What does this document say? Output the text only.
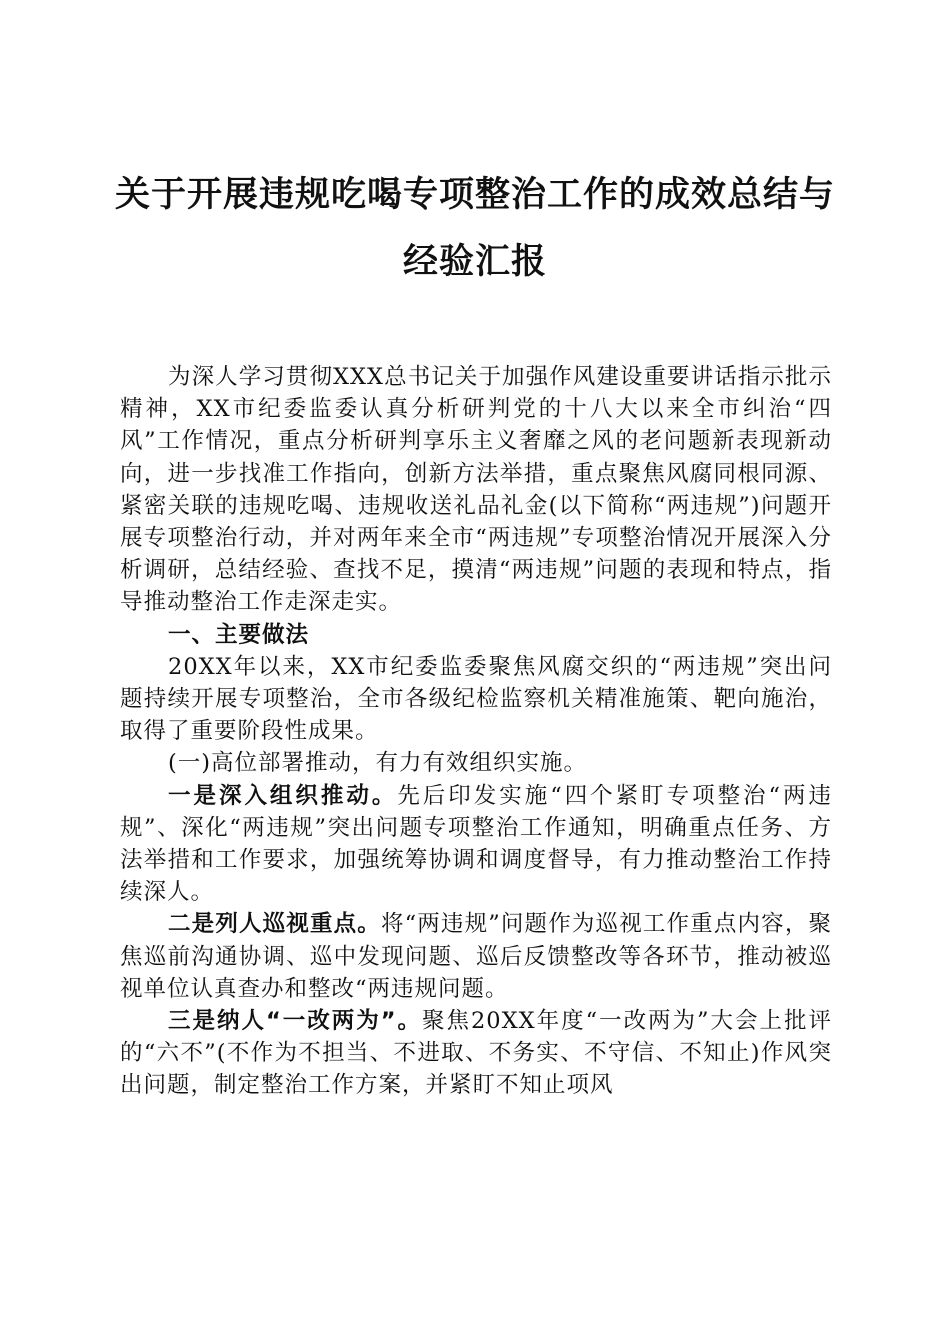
关于开展违规吃喝专项整治工作的成效总结与
经验汇报

为深人学习贯彻XXX总书记关于加强作风建设重要讲话指示批示精神，XX市纪委监委认真分析研判党的十八大以来全市纠治“四风”工作情况，重点分析研判享乐主义奢靡之风的老问题新表现新动向，进一步找准工作指向，创新方法举措，重点聚焦风腐同根同源、紧密关联的违规吃喝、违规收送礼品礼金(以下简称“两违规”)问题开展专项整治行动，并对两年来全市“两违规”专项整治情况开展深入分析调研，总结经验、查找不足，摸清“两违规”问题的表现和特点，指导推动整治工作走深走实。

一、主要做法

20XX年以来，XX市纪委监委聚焦风腐交织的“两违规”突出问题持续开展专项整治，全市各级纪检监察机关精准施策、靶向施治，取得了重要阶段性成果。

(一)高位部署推动，有力有效组织实施。

一是深入组织推动。先后印发实施“四个紧盯专项整治“两违规”、深化“两违规”突出问题专项整治工作通知，明确重点任务、方法举措和工作要求，加强统筹协调和调度督导，有力推动整治工作持续深人。

二是列人巡视重点。将“两违规”问题作为巡视工作重点内容，聚焦巡前沟通协调、巡中发现问题、巡后反馈整改等各环节，推动被巡视单位认真查办和整改“两违规问题。

三是纳人“一改两为”。聚焦20XX年度“一改两为”大会上批评的“六不”(不作为不担当、不进取、不务实、不守信、不知止)作风突出问题，制定整治工作方案，并紧盯不知止项风
